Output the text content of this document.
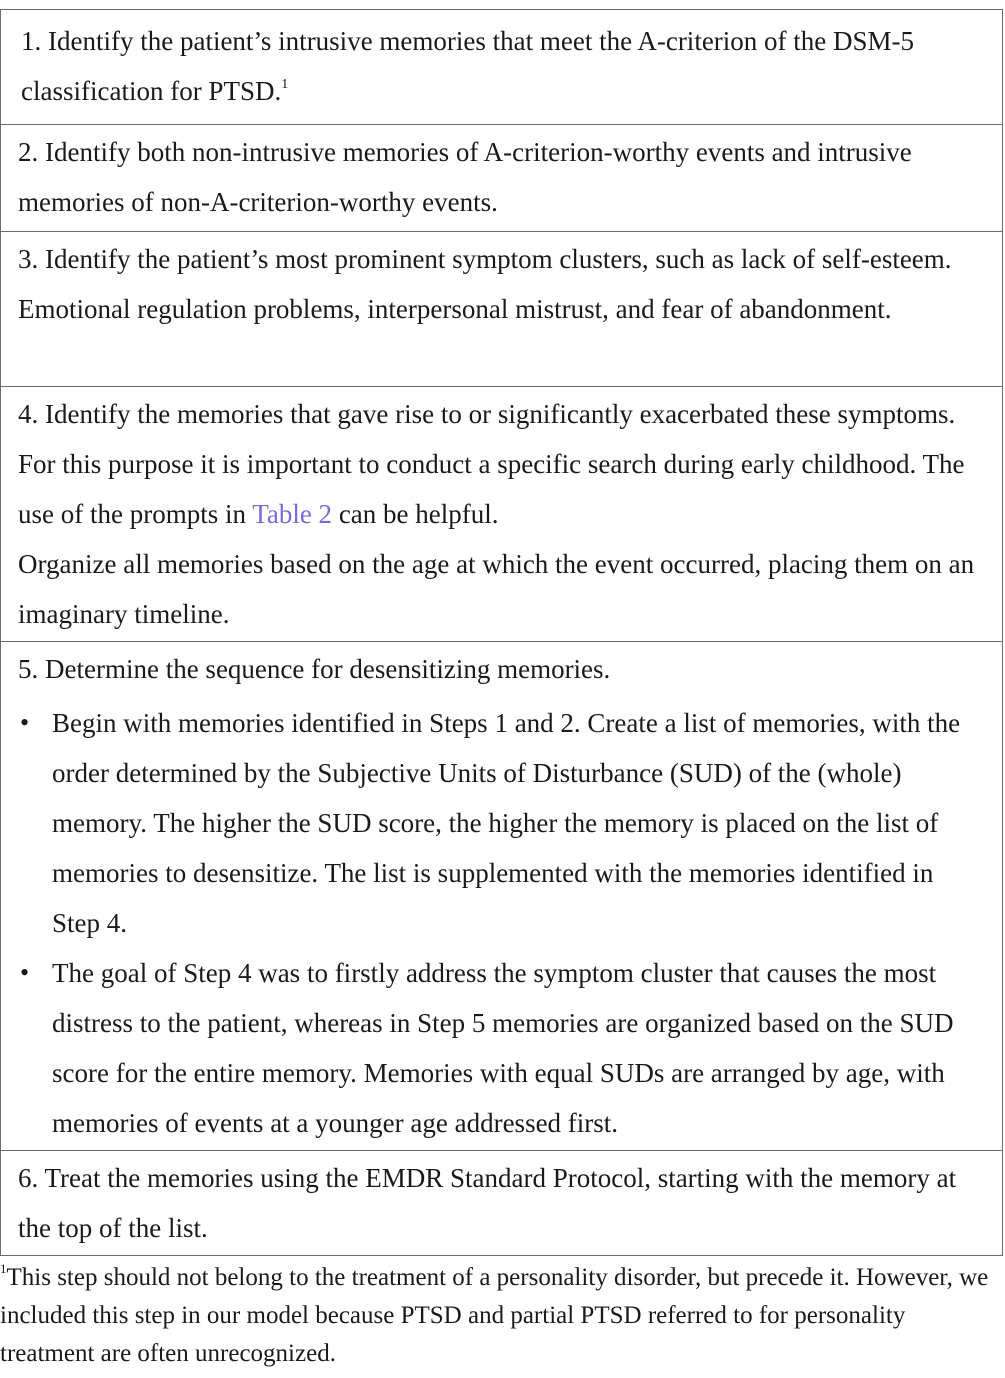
1. Identify the patient’s intrusive memories that meet the A-criterion of the DSM-5 classification for PTSD.$^1$

2. Identify both non-intrusive memories of A-criterion-worthy events and intrusive memories of non-A-criterion-worthy events.

3. Identify the patient’s most prominent symptom clusters, such as lack of self-esteem. Emotional regulation problems, interpersonal mistrust, and fear of abandonment.

4. Identify the memories that gave rise to or significantly exacerbated these symptoms. For this purpose it is important to conduct a specific search during early childhood. The use of the prompts in Table 2 can be helpful.

Organize all memories based on the age at which the event occurred, placing them on an imaginary timeline.

5. Determine the sequence for desensitizing memories.

• Begin with memories identified in Steps 1 and 2. Create a list of memories, with the order determined by the Subjective Units of Disturbance (SUD) of the (whole) memory. The higher the SUD score, the higher the memory is placed on the list of memories to desensitize. The list is supplemented with the memories identified in Step 4.
• The goal of Step 4 was to firstly address the symptom cluster that causes the most distress to the patient, whereas in Step 5 memories are organized based on the SUD score for the entire memory. Memories with equal SUDs are arranged by age, with memories of events at a younger age addressed first.

6. Treat the memories using the EMDR Standard Protocol, starting with the memory at the top of the list.

$^1$This step should not belong to the treatment of a personality disorder, but precede it. However, we included this step in our model because PTSD and partial PTSD referred to for personality treatment are often unrecognized.
